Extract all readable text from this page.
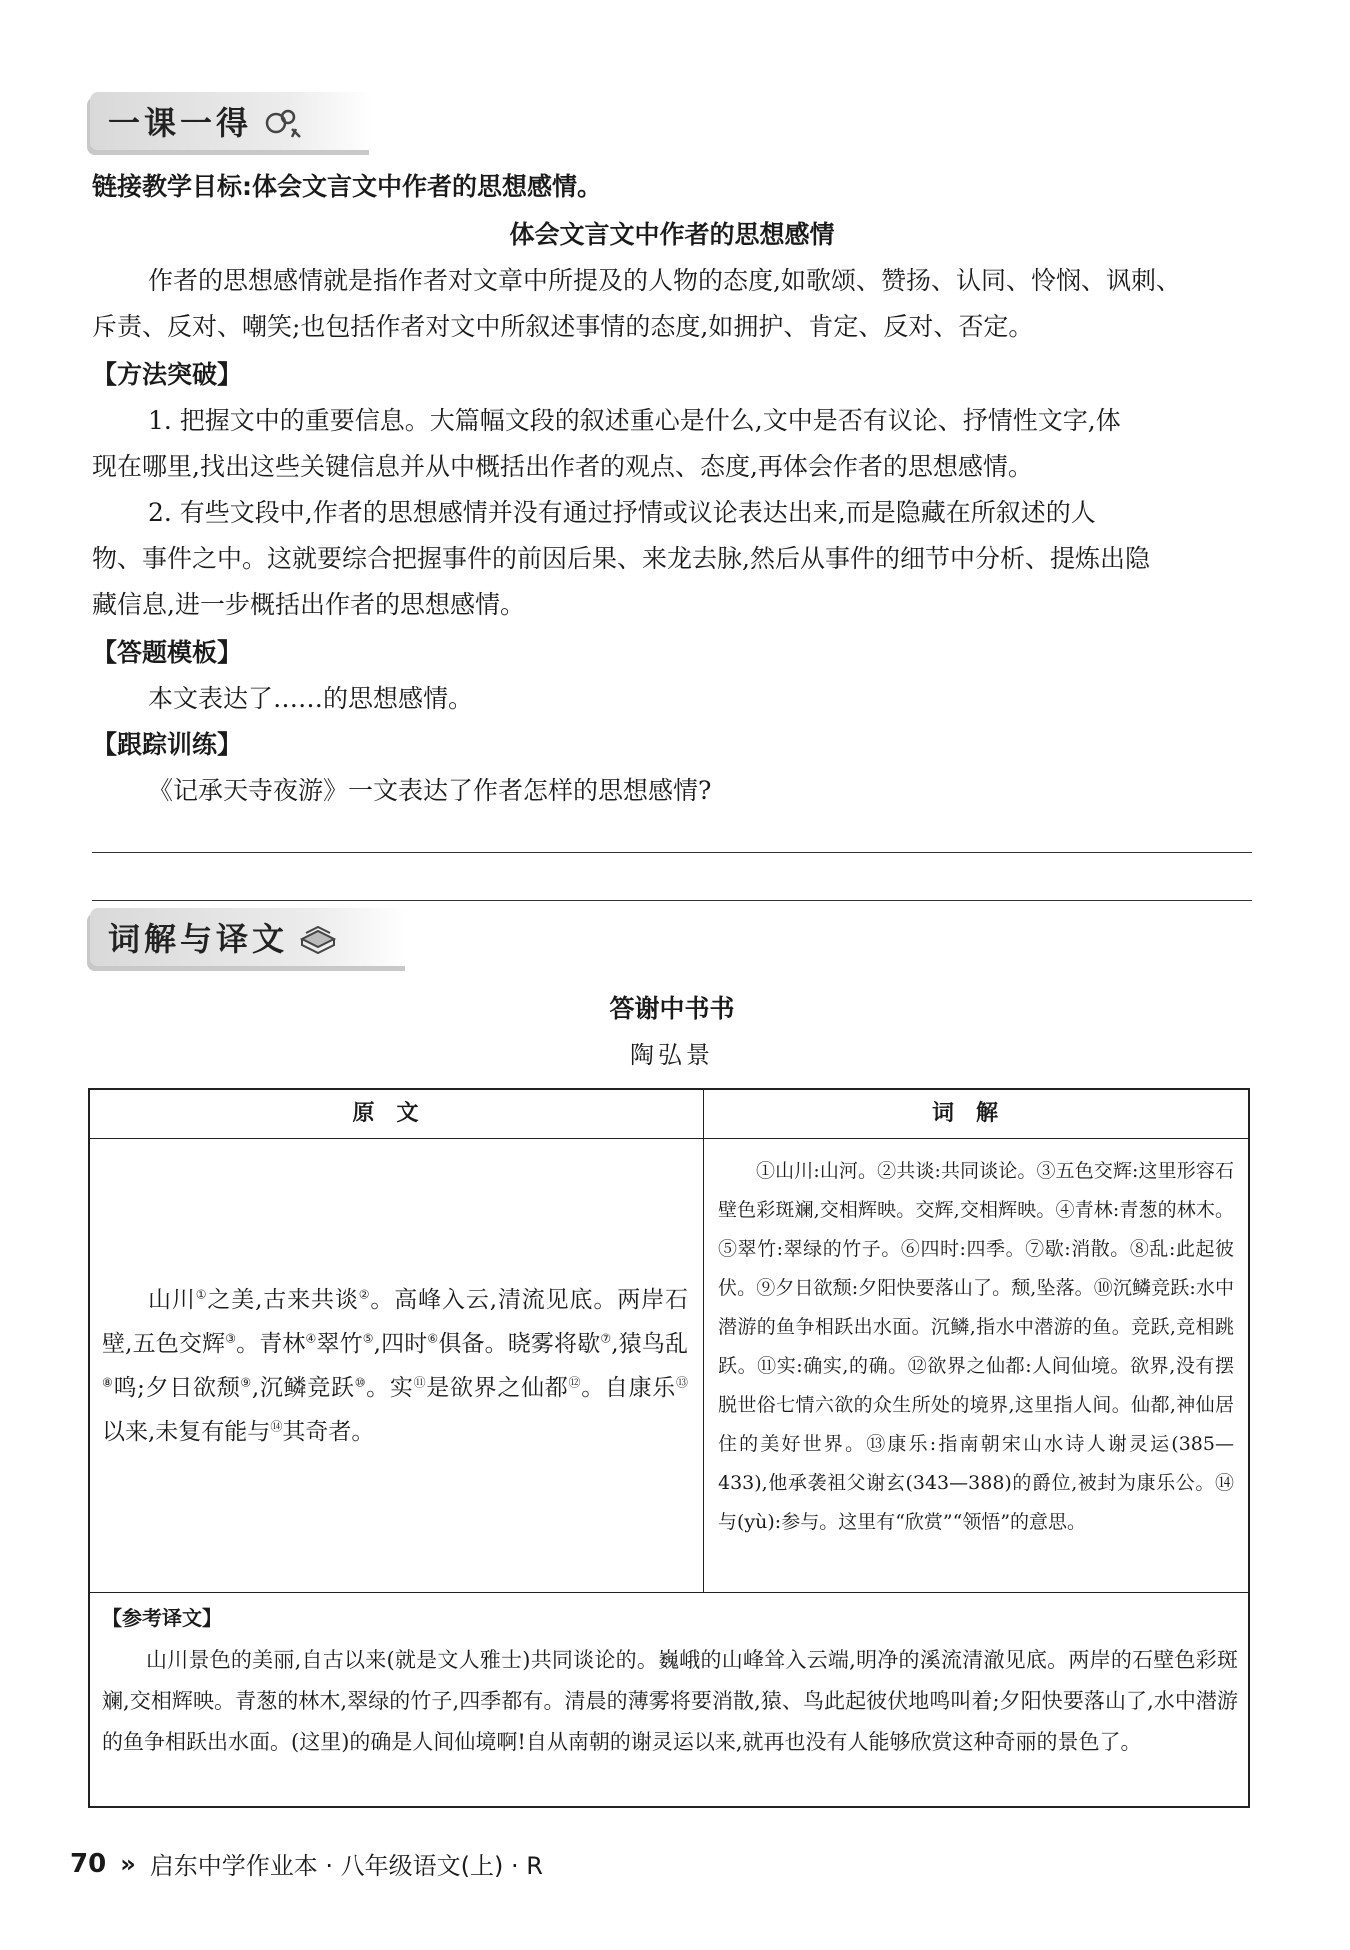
一课一得
链接教学目标:体会文言文中作者的思想感情。
体会文言文中作者的思想感情
作者的思想感情就是指作者对文章中所提及的人物的态度,如歌颂、赞扬、认同、怜悯、讽刺、
斥责、反对、嘲笑;也包括作者对文中所叙述事情的态度,如拥护、肯定、反对、否定。
【方法突破】
1. 把握文中的重要信息。大篇幅文段的叙述重心是什么,文中是否有议论、抒情性文字,体
现在哪里,找出这些关键信息并从中概括出作者的观点、态度,再体会作者的思想感情。
2. 有些文段中,作者的思想感情并没有通过抒情或议论表达出来,而是隐藏在所叙述的人
物、事件之中。这就要综合把握事件的前因后果、来龙去脉,然后从事件的细节中分析、提炼出隐
藏信息,进一步概括出作者的思想感情。
【答题模板】
本文表达了……的思想感情。
【跟踪训练】
《记承天寺夜游》一文表达了作者怎样的思想感情?
词解与译文
答谢中书书
陶弘景
原文	词解
山川①之美,古来共谈②。高峰入云,清流见底。两岸石壁,五色交辉③。青林④翠竹⑤,四时⑥俱备。晓雾将歇⑦,猿鸟乱⑧鸣;夕日欲颓⑨,沉鳞竞跃⑩。实⑪是欲界之仙都⑫。自康乐⑬以来,未复有能与⑭其奇者。
①山川:山河。②共谈:共同谈论。③五色交辉:这里形容石壁色彩斑斓,交相辉映。交辉,交相辉映。④青林:青葱的林木。⑤翠竹:翠绿的竹子。⑥四时:四季。⑦歇:消散。⑧乱:此起彼伏。⑨夕日欲颓:夕阳快要落山了。颓,坠落。⑩沉鳞竞跃:水中潜游的鱼争相跃出水面。沉鳞,指水中潜游的鱼。竞跃,竞相跳跃。⑪实:确实,的确。⑫欲界之仙都:人间仙境。欲界,没有摆脱世俗七情六欲的众生所处的境界,这里指人间。仙都,神仙居住的美好世界。⑬康乐:指南朝宋山水诗人谢灵运(385—433),他承袭祖父谢玄(343—388)的爵位,被封为康乐公。⑭与(yù):参与。这里有“欣赏”“领悟”的意思。
【参考译文】
山川景色的美丽,自古以来(就是文人雅士)共同谈论的。巍峨的山峰耸入云端,明净的溪流清澈见底。两岸的石壁色彩斑斓,交相辉映。青葱的林木,翠绿的竹子,四季都有。清晨的薄雾将要消散,猿、鸟此起彼伏地鸣叫着;夕阳快要落山了,水中潜游的鱼争相跃出水面。(这里)的确是人间仙境啊!自从南朝的谢灵运以来,就再也没有人能够欣赏这种奇丽的景色了。
70 » 启东中学作业本 · 八年级语文(上) · R
